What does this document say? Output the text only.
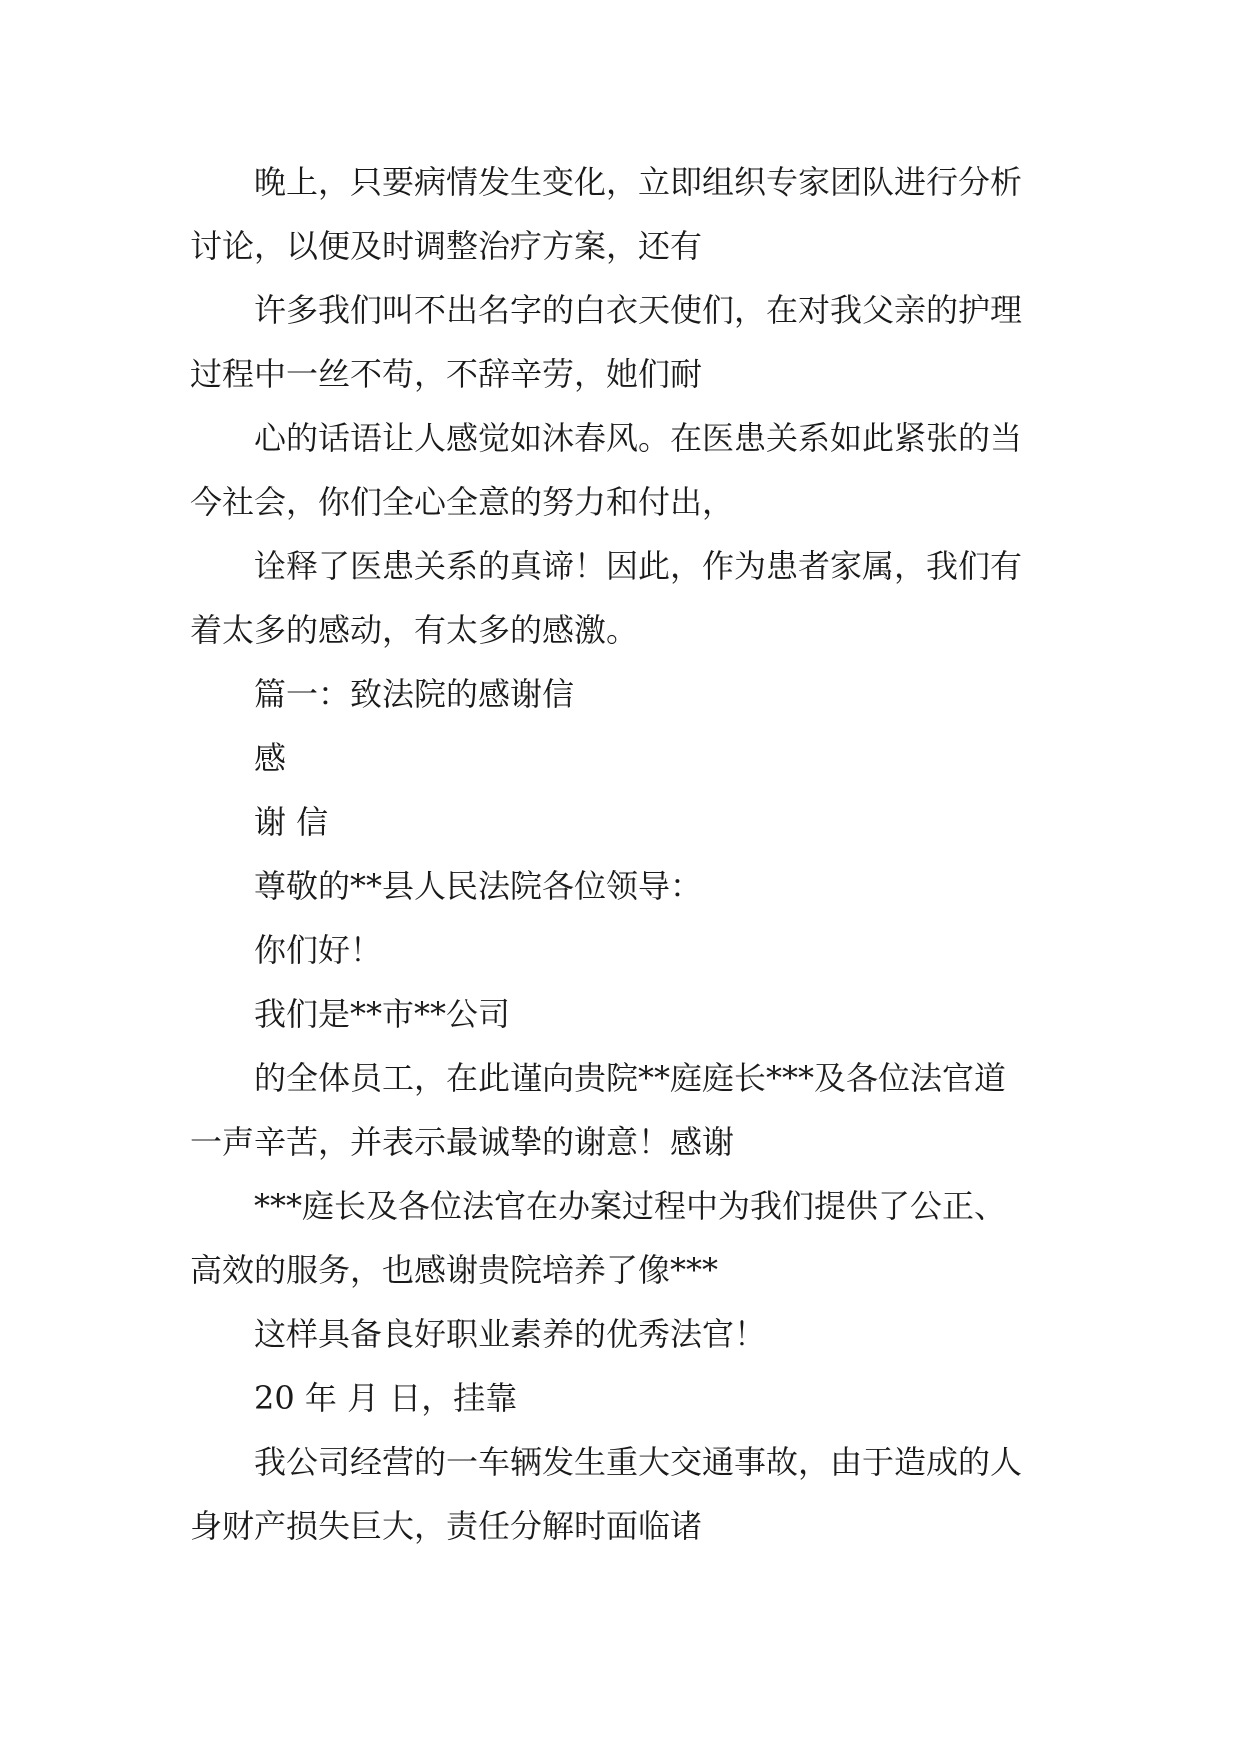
晚上，只要病情发生变化，立即组织专家团队进行分析
讨论，以便及时调整治疗方案，还有
许多我们叫不出名字的白衣天使们，在对我父亲的护理
过程中一丝不苟，不辞辛劳，她们耐
心的话语让人感觉如沐春风。在医患关系如此紧张的当
今社会，你们全心全意的努力和付出，
诠释了医患关系的真谛！因此，作为患者家属，我们有
着太多的感动，有太多的感激。
篇一：致法院的感谢信
感
谢 信
尊敬的**县人民法院各位领导：
你们好！
我们是**市**公司
的全体员工，在此谨向贵院**庭庭长***及各位法官道
一声辛苦，并表示最诚挚的谢意！感谢
***庭长及各位法官在办案过程中为我们提供了公正、
高效的服务，也感谢贵院培养了像***
这样具备良好职业素养的优秀法官！
20 年 月 日，挂靠
我公司经营的一车辆发生重大交通事故，由于造成的人
身财产损失巨大，责任分解时面临诸
